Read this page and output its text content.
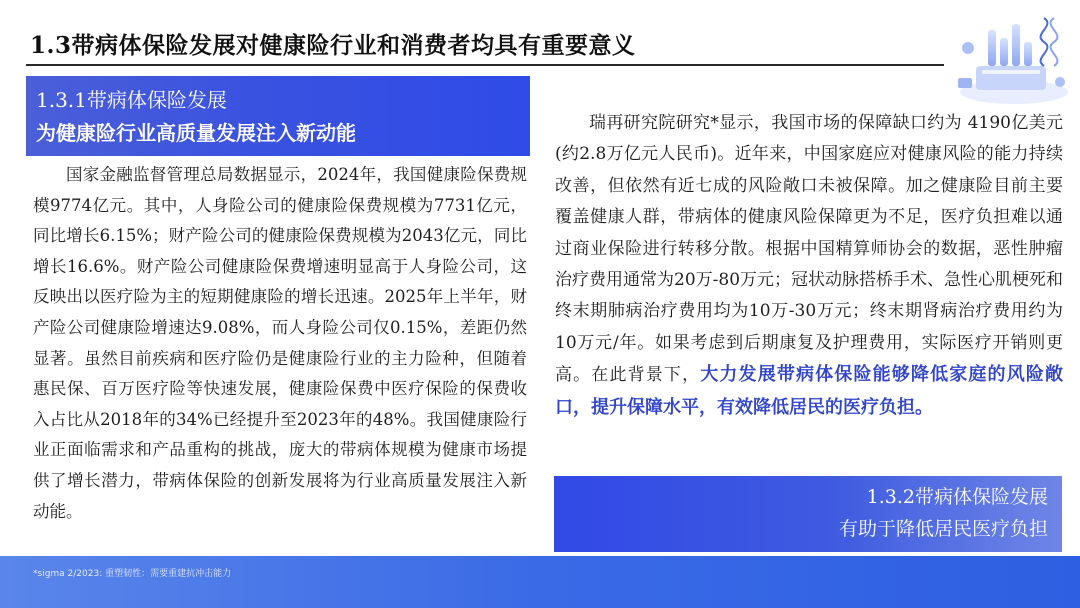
1.3带病体保险发展对健康险行业和消费者均具有重要意义
1.3.1带病体保险发展
为健康险行业高质量发展注入新动能

国家金融监督管理总局数据显示，2024年，我国健康险保费规模9774亿元。其中，人身险公司的健康险保费规模为7731亿元，同比增长6.15%；财产险公司的健康险保费规模为2043亿元，同比增长16.6%。财产险公司健康险保费增速明显高于人身险公司，这反映出以医疗险为主的短期健康险的增长迅速。2025年上半年，财产险公司健康险增速达9.08%，而人身险公司仅0.15%，差距仍然显著。虽然目前疾病和医疗险仍是健康险行业的主力险种，但随着惠民保、百万医疗险等快速发展，健康险保费中医疗保险的保费收入占比从2018年的34%已经提升至2023年的48%。我国健康险行业正面临需求和产品重构的挑战，庞大的带病体规模为健康市场提供了增长潜力，带病体保险的创新发展将为行业高质量发展注入新动能。

瑞再研究院研究*显示，我国市场的保障缺口约为 4190亿美元(约2.8万亿元人民币)。近年来，中国家庭应对健康风险的能力持续改善，但依然有近七成的风险敞口未被保障。加之健康险目前主要覆盖健康人群，带病体的健康风险保障更为不足，医疗负担难以通过商业保险进行转移分散。根据中国精算师协会的数据，恶性肿瘤治疗费用通常为20万-80万元；冠状动脉搭桥手术、急性心肌梗死和终末期肺病治疗费用均为10万-30万元；终末期肾病治疗费用约为10万元/年。如果考虑到后期康复及护理费用，实际医疗开销则更高。在此背景下，大力发展带病体保险能够降低家庭的风险敞口，提升保障水平，有效降低居民的医疗负担。

1.3.2带病体保险发展
有助于降低居民医疗负担
*sigma 2/2023: 重塑韧性：需要重建抗冲击能力
